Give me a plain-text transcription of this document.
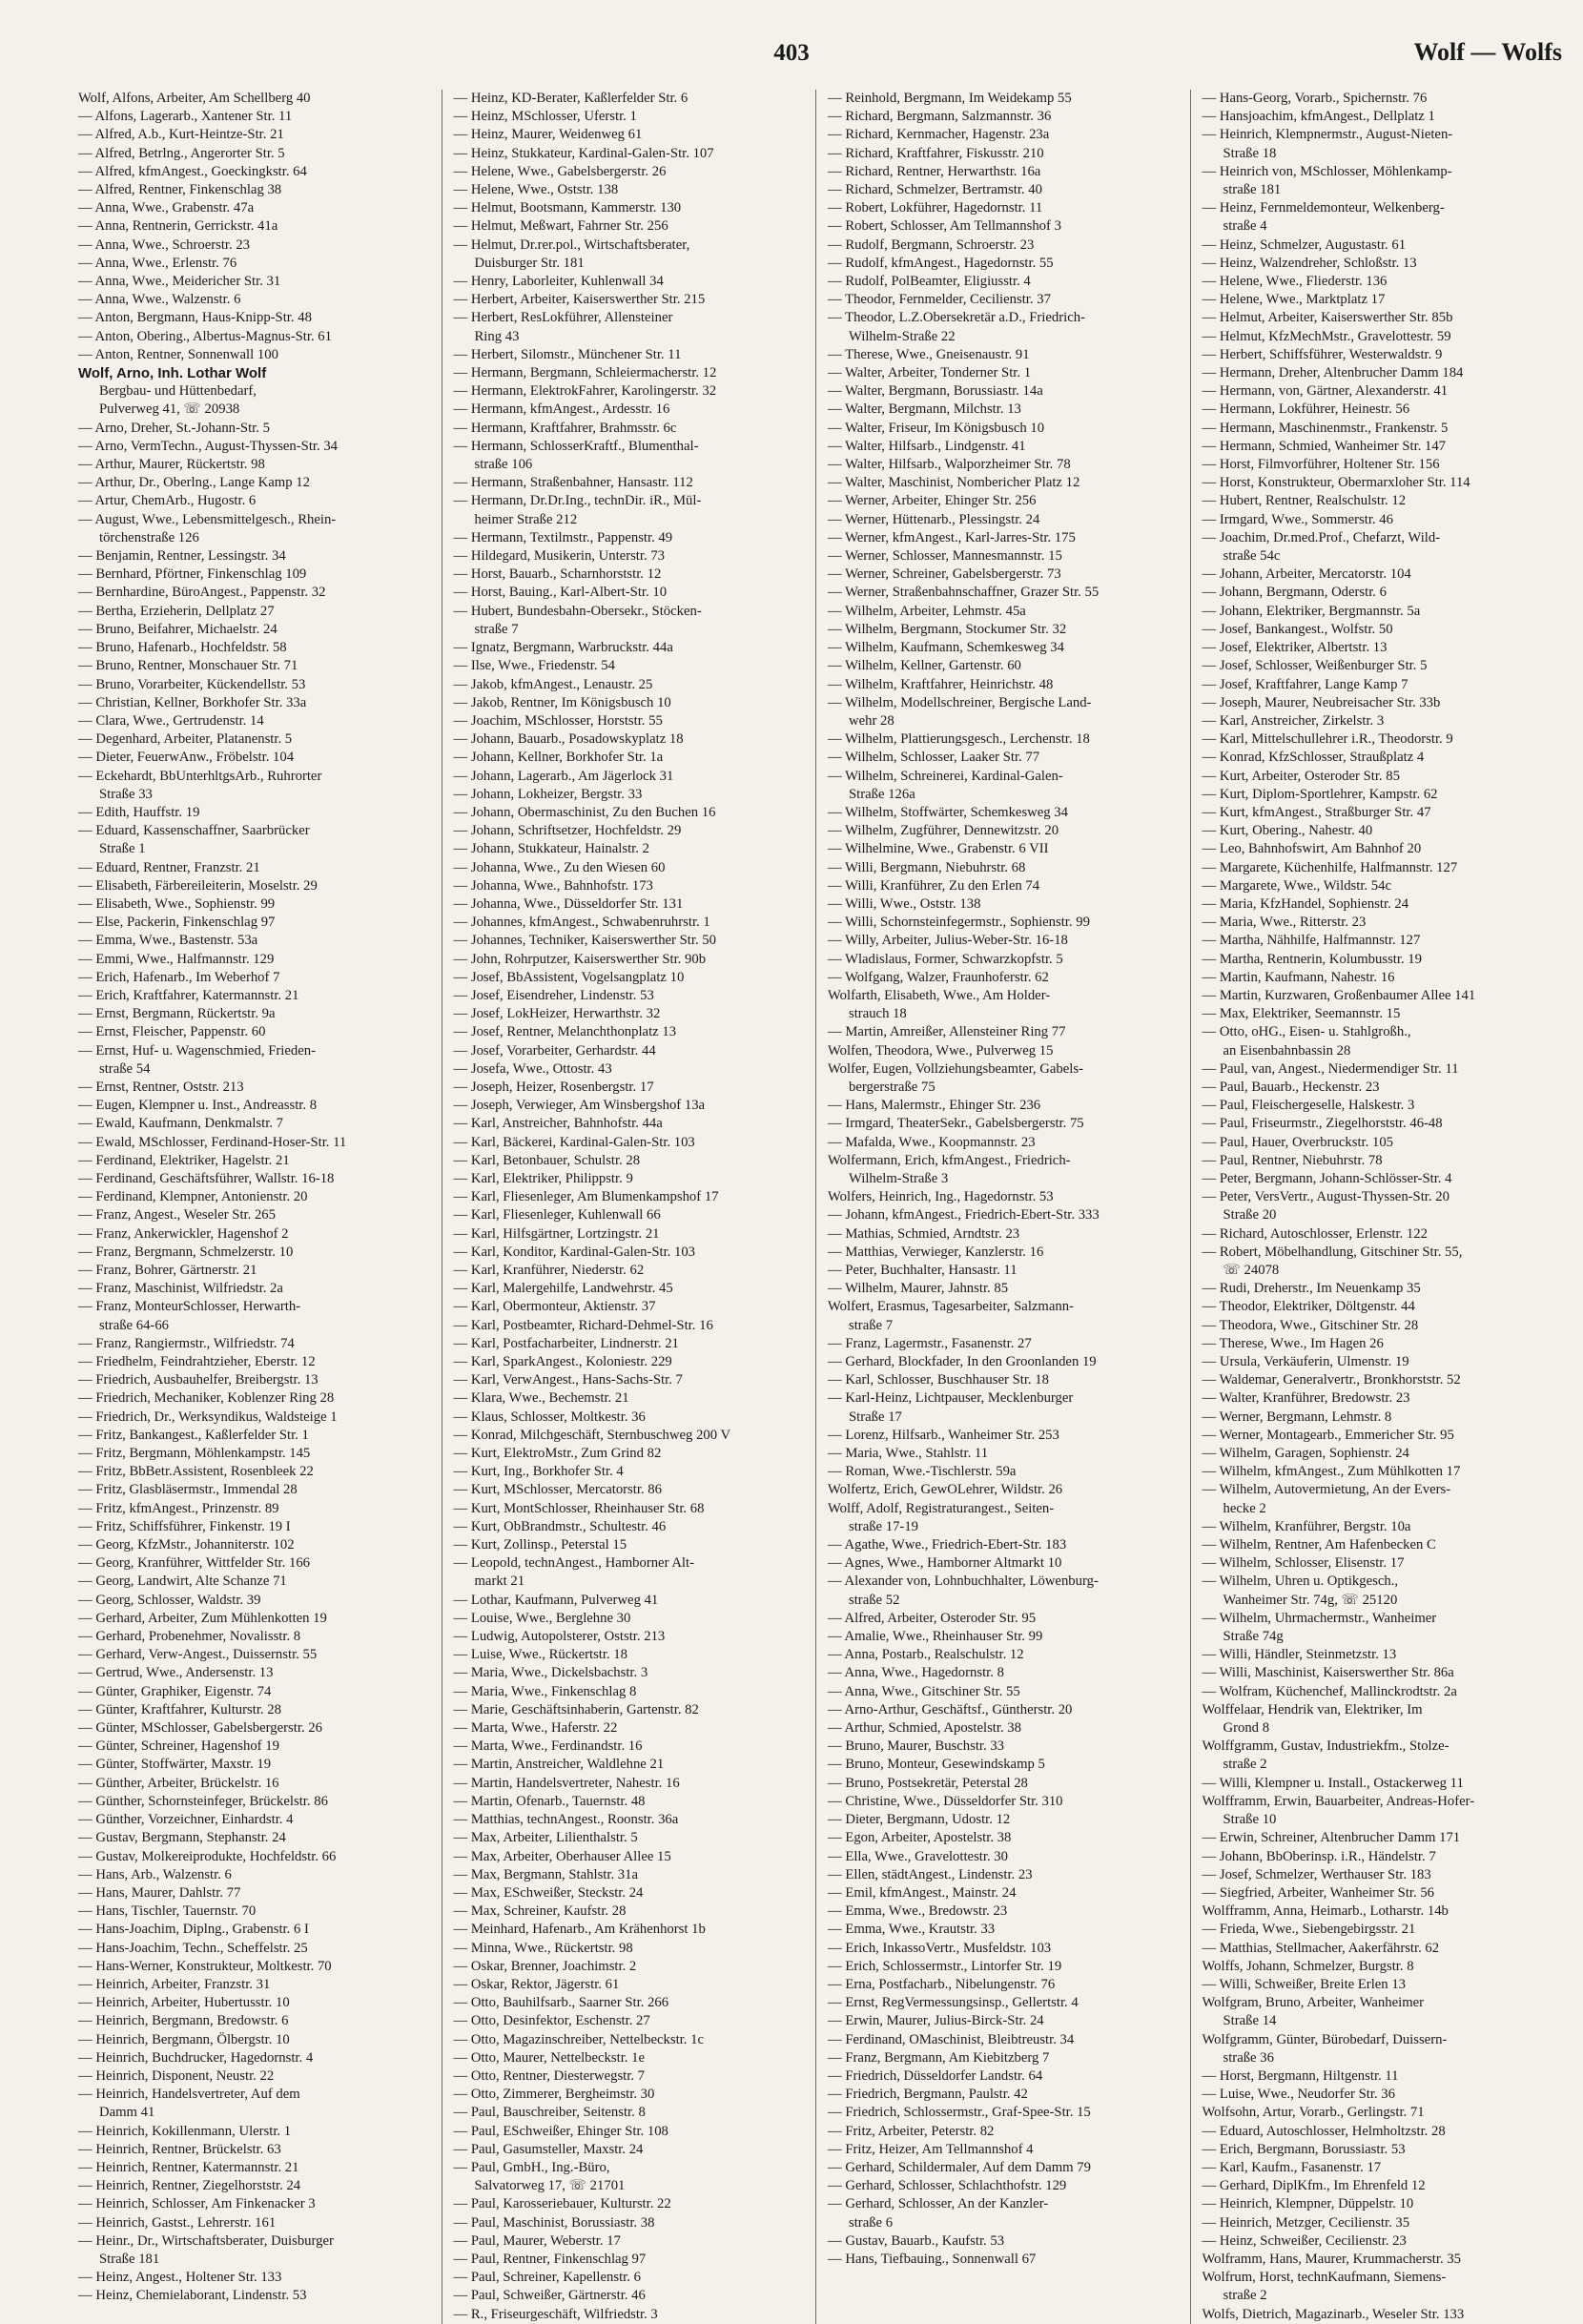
403	Wolf — Wolfs
Wolf, Alfons, Arbeiter, Am Schellberg 40
— Alfons, Lagerarb., Xantener Str. 11
— Alfred, A.b., Kurt-Heintze-Str. 21
— Alfred, Betrlng., Angerorter Str. 5
— Alfred, kfmAngest., Goeckingkstr. 64
— Alfred, Rentner, Finkenschlag 38
— Anna, Wwe., Grabenstr. 47a
— Anna, Rentnerin, Gerrickstr. 41a
— Anna, Wwe., Schroerstr. 23
— Anna, Wwe., Erlenstr. 76
— Anna, Wwe., Meidericher Str. 31
— Anna, Wwe., Walzenstr. 6
— Anton, Bergmann, Haus-Knipp-Str. 48
— Anton, Obering., Albertus-Magnus-Str. 61
— Anton, Rentner, Sonnenwall 100
Wolf, Arno, Inh. Lothar Wolf
Bergbau- und Hüttenbedarf,
Pulverweg 41, ☏ 20938
— Arno, Dreher, St.-Johann-Str. 5
— Arno, VermTechn., August-Thyssen-Str. 34
— Arthur, Maurer, Rückertstr. 98
— Arthur, Dr., Oberlng., Lange Kamp 12
— Artur, ChemArb., Hugostr. 6
— August, Wwe., Lebensmittelgesch., Rhein-
törchenstraße 126
— Benjamin, Rentner, Lessingstr. 34
— Bernhard, Pförtner, Finkenschlag 109
— Bernhardine, BüroAngest., Pappenstr. 32
— Bertha, Erzieherin, Dellplatz 27
— Bruno, Beifahrer, Michaelstr. 24
— Bruno, Hafenarb., Hochfeldstr. 58
— Bruno, Rentner, Monschauer Str. 71
— Bruno, Vorarbeiter, Kückendellstr. 53
— Christian, Kellner, Borkhofer Str. 33a
— Clara, Wwe., Gertrudenstr. 14
— Degenhard, Arbeiter, Platanenstr. 5
— Dieter, FeuerwAnw., Fröbelstr. 104
— Eckehardt, BbUnterhltgsArb., Ruhrorter
Straße 33
— Edith, Hauffstr. 19
— Eduard, Kassenschaffner, Saarbrücker
Straße 1
— Eduard, Rentner, Franzstr. 21
— Elisabeth, Färbereileiterin, Moselstr. 29
— Elisabeth, Wwe., Sophienstr. 99
— Else, Packerin, Finkenschlag 97
— Emma, Wwe., Bastenstr. 53a
— Emmi, Wwe., Halfmannstr. 129
— Erich, Hafenarb., Im Weberhof 7
— Erich, Kraftfahrer, Katermannstr. 21
— Ernst, Bergmann, Rückertstr. 9a
— Ernst, Fleischer, Pappenstr. 60
— Ernst, Huf- u. Wagenschmied, Frieden-
straße 54
— Ernst, Rentner, Oststr. 213
— Eugen, Klempner u. Inst., Andreasstr. 8
— Ewald, Kaufmann, Denkmalstr. 7
— Ewald, MSchlosser, Ferdinand-Hoser-Str. 11
— Ferdinand, Elektriker, Hagelstr. 21
— Ferdinand, Geschäftsführer, Wallstr. 16-18
— Ferdinand, Klempner, Antonienstr. 20
— Franz, Angest., Weseler Str. 265
— Franz, Ankerwickler, Hagenshof 2
— Franz, Bergmann, Schmelzerstr. 10
— Franz, Bohrer, Gärtnerstr. 21
— Franz, Maschinist, Wilfriedstr. 2a
— Franz, MonteurSchlosser, Herwarth-
straße 64-66
— Franz, Rangiermstr., Wilfriedstr. 74
— Friedhelm, Feindrahtzieher, Eberstr. 12
— Friedrich, Ausbauhelfer, Breibergstr. 13
— Friedrich, Mechaniker, Koblenzer Ring 28
— Friedrich, Dr., Werksyndikus, Waldsteige 1
— Fritz, Bankangest., Kaßlerfelder Str. 1
— Fritz, Bergmann, Möhlenkampstr. 145
— Fritz, BbBetr.Assistent, Rosenbleek 22
— Fritz, Glasbläsermstr., Immendal 28
— Fritz, kfmAngest., Prinzenstr. 89
— Fritz, Schiffsführer, Finkenstr. 19 I
— Georg, KfzMstr., Johanniterstr. 102
— Georg, Kranführer, Wittfelder Str. 166
— Georg, Landwirt, Alte Schanze 71
— Georg, Schlosser, Waldstr. 39
— Gerhard, Arbeiter, Zum Mühlenkotten 19
— Gerhard, Probenehmer, Novalisstr. 8
— Gerhard, Verw-Angest., Duissernstr. 55
— Gertrud, Wwe., Andersenstr. 13
— Günter, Graphiker, Eigenstr. 74
— Günter, Kraftfahrer, Kulturstr. 28
— Günter, MSchlosser, Gabelsbergerstr. 26
— Günter, Schreiner, Hagenshof 19
— Günter, Stoffwärter, Maxstr. 19
— Günther, Arbeiter, Brückelstr. 16
— Günther, Schornsteinfeger, Brückelstr. 86
— Günther, Vorzeichner, Einhardstr. 4
— Gustav, Bergmann, Stephanstr. 24
— Gustav, Molkereiprodukte, Hochfeldstr. 66
— Hans, Arb., Walzenstr. 6
— Hans, Maurer, Dahlstr. 77
— Hans, Tischler, Tauernstr. 70
— Hans-Joachim, Diplng., Grabenstr. 6 I
— Hans-Joachim, Techn., Scheffelstr. 25
— Hans-Werner, Konstrukteur, Moltkestr. 70
— Heinrich, Arbeiter, Franzstr. 31
— Heinrich, Arbeiter, Hubertusstr. 10
— Heinrich, Bergmann, Bredowstr. 6
— Heinrich, Bergmann, Ölbergstr. 10
— Heinrich, Buchdrucker, Hagedornstr. 4
— Heinrich, Disponent, Neustr. 22
— Heinrich, Handelsvertreter, Auf dem
Damm 41
— Heinrich, Kokillenmann, Ulerstr. 1
— Heinrich, Rentner, Brückelstr. 63
— Heinrich, Rentner, Katermannstr. 21
— Heinrich, Rentner, Ziegelhorststr. 24
— Heinrich, Schlosser, Am Finkenacker 3
— Heinrich, Gastst., Lehrerstr. 161
— Heinr., Dr., Wirtschaftsberater, Duisburger
Straße 181
— Heinz, Angest., Holtener Str. 133
— Heinz, Chemielaborant, Lindenstr. 53
— Heinz, KD-Berater, Kaßlerfelder Str. 6
— Heinz, MSchlosser, Uferstr. 1
— Heinz, Maurer, Weidenweg 61
— Heinz, Stukkateur, Kardinal-Galen-Str. 107
— Helene, Wwe., Gabelsbergerstr. 26
— Helene, Wwe., Oststr. 138
— Helmut, Bootsmann, Kammerstr. 130
— Helmut, Meßwart, Fahrner Str. 256
— Helmut, Dr.rer.pol., Wirtschaftsberater,
Duisburger Str. 181
— Henry, Laborleiter, Kuhlenwall 34
— Herbert, Arbeiter, Kaiserswerther Str. 215
— Herbert, ResLokführer, Allensteiner
Ring 43
— Herbert, Silomstr., Münchener Str. 11
— Hermann, Bergmann, Schleiermacherstr. 12
— Hermann, ElektrokFahrer, Karolingerstr. 32
— Hermann, kfmAngest., Ardesstr. 16
— Hermann, Kraftfahrer, Brahmsstr. 6c
— Hermann, SchlosserKraftf., Blumenthal-
straße 106
— Hermann, Straßenbahner, Hansastr. 112
— Hermann, Dr.Dr.Ing., technDir. iR., Mül-
heimer Straße 212
— Hermann, Textilmstr., Pappenstr. 49
— Hildegard, Musikerin, Unterstr. 73
— Horst, Bauarb., Scharnhorststr. 12
— Horst, Bauing., Karl-Albert-Str. 10
— Hubert, Bundesbahn-Obersekr., Stöcken-
straße 7
— Ignatz, Bergmann, Warbruckstr. 44a
— Ilse, Wwe., Friedenstr. 54
— Jakob, kfmAngest., Lenaustr. 25
— Jakob, Rentner, Im Königsbusch 10
— Joachim, MSchlosser, Horststr. 55
— Johann, Bauarb., Posadowskyplatz 18
— Johann, Kellner, Borkhofer Str. 1a
— Johann, Lagerarb., Am Jägerlock 31
— Johann, Lokheizer, Bergstr. 33
— Johann, Obermaschinist, Zu den Buchen 16
— Johann, Schriftsetzer, Hochfeldstr. 29
— Johann, Stukkateur, Hainalstr. 2
— Johanna, Wwe., Zu den Wiesen 60
— Johanna, Wwe., Bahnhofstr. 173
— Johanna, Wwe., Düsseldorfer Str. 131
— Johannes, kfmAngest., Schwabenruhrstr. 1
— Johannes, Techniker, Kaiserswerther Str. 50
— John, Rohrputzer, Kaiserswerther Str. 90b
— Josef, BbAssistent, Vogelsangplatz 10
— Josef, Eisendreher, Lindenstr. 53
— Josef, LokHeizer, Herwarthstr. 32
— Josef, Rentner, Melanchthonplatz 13
— Josef, Vorarbeiter, Gerhardstr. 44
— Josefa, Wwe., Ottostr. 43
— Joseph, Heizer, Rosenbergstr. 17
— Joseph, Verwieger, Am Winsbergshof 13a
— Karl, Anstreicher, Bahnhofstr. 44a
— Karl, Bäckerei, Kardinal-Galen-Str. 103
— Karl, Betonbauer, Schulstr. 28
— Karl, Elektriker, Philippstr. 9
— Karl, Fliesenleger, Am Blumenkampshof 17
— Karl, Fliesenleger, Kuhlenwall 66
— Karl, Hilfsgärtner, Lortzingstr. 21
— Karl, Konditor, Kardinal-Galen-Str. 103
— Karl, Kranführer, Niederstr. 62
— Karl, Malergehilfe, Landwehrstr. 45
— Karl, Obermonteur, Aktienstr. 37
— Karl, Postbeamter, Richard-Dehmel-Str. 16
— Karl, Postfacharbeiter, Lindnerstr. 21
— Karl, SparkAngest., Koloniestr. 229
— Karl, VerwAngest., Hans-Sachs-Str. 7
— Klara, Wwe., Bechemstr. 21
— Klaus, Schlosser, Moltkestr. 36
— Konrad, Milchgeschäft, Sternbuschweg 200 V
— Kurt, ElektroMstr., Zum Grind 82
— Kurt, Ing., Borkhofer Str. 4
— Kurt, MSchlosser, Mercatorstr. 86
— Kurt, MontSchlosser, Rheinhauser Str. 68
— Kurt, ObBrandmstr., Schultestr. 46
— Kurt, Zollinsp., Peterstal 15
— Leopold, technAngest., Hamborner Alt-
markt 21
— Lothar, Kaufmann, Pulverweg 41
— Louise, Wwe., Berglehne 30
— Ludwig, Autopolsterer, Oststr. 213
— Luise, Wwe., Rückertstr. 18
— Maria, Wwe., Dickelsbachstr. 3
— Maria, Wwe., Finkenschlag 8
— Marie, Geschäftsinhaberin, Gartenstr. 82
— Marta, Wwe., Haferstr. 22
— Marta, Wwe., Ferdinandstr. 16
— Martin, Anstreicher, Waldlehne 21
— Martin, Handelsvertreter, Nahestr. 16
— Martin, Ofenarb., Tauernstr. 48
— Matthias, technAngest., Roonstr. 36a
— Max, Arbeiter, Lilienthalstr. 5
— Max, Arbeiter, Oberhauser Allee 15
— Max, Bergmann, Stahlstr. 31a
— Max, ESchweißer, Steckstr. 24
— Max, Schreiner, Kaufstr. 28
— Meinhard, Hafenarb., Am Krähenhorst 1b
— Minna, Wwe., Rückertstr. 98
— Oskar, Brenner, Joachimstr. 2
— Oskar, Rektor, Jägerstr. 61
— Otto, Bauhilfsarb., Saarner Str. 266
— Otto, Desinfektor, Eschenstr. 27
— Otto, Magazinschreiber, Nettelbeckstr. 1c
— Otto, Maurer, Nettelbeckstr. 1e
— Otto, Rentner, Diesterwegstr. 7
— Otto, Zimmerer, Bergheimstr. 30
— Paul, Bauschreiber, Seitenstr. 8
— Paul, ESchweißer, Ehinger Str. 108
— Paul, Gasumsteller, Maxstr. 24
— Paul, GmbH., Ing.-Büro,
Salvatorweg 17, ☏ 21701
— Paul, Karosseriebauer, Kulturstr. 22
— Paul, Maschinist, Borussiastr. 38
— Paul, Maurer, Weberstr. 17
— Paul, Rentner, Finkenschlag 97
— Paul, Schreiner, Kapellenstr. 6
— Paul, Schweißer, Gärtnerstr. 46
— R., Friseurgeschäft, Wilfriedstr. 3
— Reinhold, Bergmann, Im Weidekamp 55
— Richard, Bergmann, Salzmannstr. 36
— Richard, Kernmacher, Hagenstr. 23a
— Richard, Kraftfahrer, Fiskusstr. 210
— Richard, Rentner, Herwarthstr. 16a
— Richard, Schmelzer, Bertramstr. 40
— Robert, Lokführer, Hagedornstr. 11
— Robert, Schlosser, Am Tellmannshof 3
— Rudolf, Bergmann, Schroerstr. 23
— Rudolf, kfmAngest., Hagedornstr. 55
— Rudolf, PolBeamter, Eligiusstr. 4
— Theodor, Fernmelder, Cecilienstr. 37
— Theodor, L.Z.Obersekretär a.D., Friedrich-
Wilhelm-Straße 22
— Therese, Wwe., Gneisenaustr. 91
— Walter, Arbeiter, Tonderner Str. 1
— Walter, Bergmann, Borussiastr. 14a
— Walter, Bergmann, Milchstr. 13
— Walter, Friseur, Im Königsbusch 10
— Walter, Hilfsarb., Lindgenstr. 41
— Walter, Hilfsarb., Walporzheimer Str. 78
— Walter, Maschinist, Nombericher Platz 12
— Werner, Arbeiter, Ehinger Str. 256
— Werner, Hüttenarb., Plessingstr. 24
— Werner, kfmAngest., Karl-Jarres-Str. 175
— Werner, Schlosser, Mannesmannstr. 15
— Werner, Schreiner, Gabelsbergerstr. 73
— Werner, Straßenbahnschaffner, Grazer Str. 55
— Wilhelm, Arbeiter, Lehmstr. 45a
— Wilhelm, Bergmann, Stockumer Str. 32
— Wilhelm, Kaufmann, Schemkesweg 34
— Wilhelm, Kellner, Gartenstr. 60
— Wilhelm, Kraftfahrer, Heinrichstr. 48
— Wilhelm, Modellschreiner, Bergische Land-
wehr 28
— Wilhelm, Plattierungsgesch., Lerchenstr. 18
— Wilhelm, Schlosser, Laaker Str. 77
— Wilhelm, Schreinerei, Kardinal-Galen-
Straße 126a
— Wilhelm, Stoffwärter, Schemkesweg 34
— Wilhelm, Zugführer, Dennewitzstr. 20
— Wilhelmine, Wwe., Grabenstr. 6 VII
— Willi, Bergmann, Niebuhrstr. 68
— Willi, Kranführer, Zu den Erlen 74
— Willi, Wwe., Oststr. 138
— Willi, Schornsteinfegermstr., Sophienstr. 99
— Willy, Arbeiter, Julius-Weber-Str. 16-18
— Wladislaus, Former, Schwarzkopfstr. 5
— Wolfgang, Walzer, Fraunhoferstr. 62
Wolfarth, Elisabeth, Wwe., Am Holder-
strauch 18
— Martin, Amreißer, Allensteiner Ring 77
Wolfen, Theodora, Wwe., Pulverweg 15
Wolfer, Eugen, Vollziehungsbeamter, Gabels-
bergerstraße 75
— Hans, Malermstr., Ehinger Str. 236
— Irmgard, TheaterSekr., Gabelsbergerstr. 75
— Mafalda, Wwe., Koopmannstr. 23
Wolfermann, Erich, kfmAngest., Friedrich-
Wilhelm-Straße 3
Wolfers, Heinrich, Ing., Hagedornstr. 53
— Johann, kfmAngest., Friedrich-Ebert-Str. 333
— Mathias, Schmied, Arndtstr. 23
— Matthias, Verwieger, Kanzlerstr. 16
— Peter, Buchhalter, Hansastr. 11
— Wilhelm, Maurer, Jahnstr. 85
Wolfert, Erasmus, Tagesarbeiter, Salzmann-
straße 7
— Franz, Lagermstr., Fasanenstr. 27
— Gerhard, Blockfader, In den Groonlanden 19
— Karl, Schlosser, Buschhauser Str. 18
— Karl-Heinz, Lichtpauser, Mecklenburger
Straße 17
— Lorenz, Hilfsarb., Wanheimer Str. 253
— Maria, Wwe., Stahlstr. 11
— Roman, Wwe.-Tischlerstr. 59a
Wolfertz, Erich, GewOLehrer, Wildstr. 26
Wolff, Adolf, Registraturangest., Seiten-
straße 17-19
— Agathe, Wwe., Friedrich-Ebert-Str. 183
— Agnes, Wwe., Hamborner Altmarkt 10
— Alexander von, Lohnbuchhalter, Löwenburg-
straße 52
— Alfred, Arbeiter, Osteroder Str. 95
— Amalie, Wwe., Rheinhauser Str. 99
— Anna, Postarb., Realschulstr. 12
— Anna, Wwe., Hagedornstr. 8
— Anna, Wwe., Gitschiner Str. 55
— Arno-Arthur, Geschäftsf., Güntherstr. 20
— Arthur, Schmied, Apostelstr. 38
— Bruno, Maurer, Buschstr. 33
— Bruno, Monteur, Gesewindskamp 5
— Bruno, Postsekretär, Peterstal 28
— Christine, Wwe., Düsseldorfer Str. 310
— Dieter, Bergmann, Udostr. 12
— Egon, Arbeiter, Apostelstr. 38
— Ella, Wwe., Gravelottestr. 30
— Ellen, städtAngest., Lindenstr. 23
— Emil, kfmAngest., Mainstr. 24
— Emma, Wwe., Bredowstr. 23
— Emma, Wwe., Krautstr. 33
— Erich, InkassoVertr., Musfeldstr. 103
— Erich, Schlossermstr., Lintorfer Str. 19
— Erna, Postfacharb., Nibelungenstr. 76
— Ernst, RegVermessungsinsp., Gellertstr. 4
— Erwin, Maurer, Julius-Birck-Str. 24
— Ferdinand, OMaschinist, Bleibtreustr. 34
— Franz, Bergmann, Am Kiebitzberg 7
— Friedrich, Düsseldorfer Landstr. 64
— Friedrich, Bergmann, Paulstr. 42
— Friedrich, Schlossermstr., Graf-Spee-Str. 15
— Fritz, Arbeiter, Peterstr. 82
— Fritz, Heizer, Am Tellmannshof 4
— Gerhard, Schildermaler, Auf dem Damm 79
— Gerhard, Schlosser, Schlachthofstr. 129
— Gerhard, Schlosser, An der Kanzler-
straße 6
— Gustav, Bauarb., Kaufstr. 53
— Hans, Tiefbauing., Sonnenwall 67
— Hans-Georg, Vorarb., Spichernstr. 76
— Hansjoachim, kfmAngest., Dellplatz 1
— Heinrich, Klempnermstr., August-Nieten-
Straße 18
— Heinrich von, MSchlosser, Möhlenkamp-
straße 181
— Heinz, Fernmeldemonteur, Welkenberg-
straße 4
— Heinz, Schmelzer, Augustastr. 61
— Heinz, Walzendreher, Schloßstr. 13
— Helene, Wwe., Fliederstr. 136
— Helene, Wwe., Marktplatz 17
— Helmut, Arbeiter, Kaiserswerther Str. 85b
— Helmut, KfzMechMstr., Gravelottestr. 59
— Herbert, Schiffsführer, Westerwaldstr. 9
— Hermann, Dreher, Altenbrucher Damm 184
— Hermann, von, Gärtner, Alexanderstr. 41
— Hermann, Lokführer, Heinestr. 56
— Hermann, Maschinenmstr., Frankenstr. 5
— Hermann, Schmied, Wanheimer Str. 147
— Horst, Filmvorführer, Holtener Str. 156
— Horst, Konstrukteur, Obermarxloher Str. 114
— Hubert, Rentner, Realschulstr. 12
— Irmgard, Wwe., Sommerstr. 46
— Joachim, Dr.med.Prof., Chefarzt, Wild-
straße 54c
— Johann, Arbeiter, Mercatorstr. 104
— Johann, Bergmann, Oderstr. 6
— Johann, Elektriker, Bergmannstr. 5a
— Josef, Bankangest., Wolfstr. 50
— Josef, Elektriker, Albertstr. 13
— Josef, Schlosser, Weißenburger Str. 5
— Josef, Kraftfahrer, Lange Kamp 7
— Joseph, Maurer, Neubreisacher Str. 33b
— Karl, Anstreicher, Zirkelstr. 3
— Karl, Mittelschullehrer i.R., Theodorstr. 9
— Konrad, KfzSchlosser, Straußplatz 4
— Kurt, Arbeiter, Osteroder Str. 85
— Kurt, Diplom-Sportlehrer, Kampstr. 62
— Kurt, kfmAngest., Straßburger Str. 47
— Kurt, Obering., Nahestr. 40
— Leo, Bahnhofswirt, Am Bahnhof 20
— Margarete, Küchenhilfe, Halfmannstr. 127
— Margarete, Wwe., Wildstr. 54c
— Maria, KfzHandel, Sophienstr. 24
— Maria, Wwe., Ritterstr. 23
— Martha, Nähhilfe, Halfmannstr. 127
— Martha, Rentnerin, Kolumbusstr. 19
— Martin, Kaufmann, Nahestr. 16
— Martin, Kurzwaren, Großenbaumer Allee 141
— Max, Elektriker, Seemannstr. 15
— Otto, oHG., Eisen- u. Stahlgroßh.,
an Eisenbahnbassin 28
— Paul, van, Angest., Niedermendiger Str. 11
— Paul, Bauarb., Heckenstr. 23
— Paul, Fleischergeselle, Halskestr. 3
— Paul, Friseurmstr., Ziegelhorststr. 46-48
— Paul, Hauer, Overbruckstr. 105
— Paul, Rentner, Niebuhrstr. 78
— Peter, Bergmann, Johann-Schlösser-Str. 4
— Peter, VersVertr., August-Thyssen-Str. 20
Straße 20
— Richard, Autoschlosser, Erlenstr. 122
— Robert, Möbelhandlung, Gitschiner Str. 55,
☏ 24078
— Rudi, Dreherstr., Im Neuenkamp 35
— Theodor, Elektriker, Döltgenstr. 44
— Theodora, Wwe., Gitschiner Str. 28
— Therese, Wwe., Im Hagen 26
— Ursula, Verkäuferin, Ulmenstr. 19
— Waldemar, Generalvertr., Bronkhorststr. 52
— Walter, Kranführer, Bredowstr. 23
— Werner, Bergmann, Lehmstr. 8
— Werner, Montagearb., Emmericher Str. 95
— Wilhelm, Garagen, Sophienstr. 24
— Wilhelm, kfmAngest., Zum Mühlkotten 17
— Wilhelm, Autovermietung, An der Evers-
hecke 2
— Wilhelm, Kranführer, Bergstr. 10a
— Wilhelm, Rentner, Am Hafenbecken C
— Wilhelm, Schlosser, Elisenstr. 17
— Wilhelm, Uhren u. Optikgesch.,
Wanheimer Str. 74g, ☏ 25120
— Wilhelm, Uhrmachermstr., Wanheimer
Straße 74g
— Willi, Händler, Steinmetzstr. 13
— Willi, Maschinist, Kaiserswerther Str. 86a
— Wolfram, Küchenchef, Mallinckrodtstr. 2a
Wolffelaar, Hendrik van, Elektriker, Im
Grond 8
Wolffgramm, Gustav, Industriekfm., Stolze-
straße 2
— Willi, Klempner u. Install., Ostackerweg 11
Wolfframm, Erwin, Bauarbeiter, Andreas-Hofer-
Straße 10
— Erwin, Schreiner, Altenbrucher Damm 171
— Johann, BbOberinsp. i.R., Händelstr. 7
— Josef, Schmelzer, Werthauser Str. 183
— Siegfried, Arbeiter, Wanheimer Str. 56
Wolfframm, Anna, Heimarb., Lotharstr. 14b
— Frieda, Wwe., Siebengebirgsstr. 21
— Matthias, Stellmacher, Aakerfährstr. 62
Wolffs, Johann, Schmelzer, Burgstr. 8
— Willi, Schweißer, Breite Erlen 13
Wolfgram, Bruno, Arbeiter, Wanheimer
Straße 14
Wolfgramm, Günter, Bürobedarf, Duissern-
straße 36
— Horst, Bergmann, Hiltgenstr. 11
— Luise, Wwe., Neudorfer Str. 36
Wolfsohn, Artur, Vorarb., Gerlingstr. 71
— Eduard, Autoschlosser, Helmholtzstr. 28
— Erich, Bergmann, Borussiastr. 53
— Karl, Kaufm., Fasanenstr. 17
— Gerhard, DiplKfm., Im Ehrenfeld 12
— Heinrich, Klempner, Düppelstr. 10
— Heinrich, Metzger, Cecilienstr. 35
— Heinz, Schweißer, Cecilienstr. 23
Wolframm, Hans, Maurer, Krummacherstr. 35
Wolfrum, Horst, technKaufmann, Siemens-
straße 2
Wolfs, Dietrich, Magazinarb., Weseler Str. 133
